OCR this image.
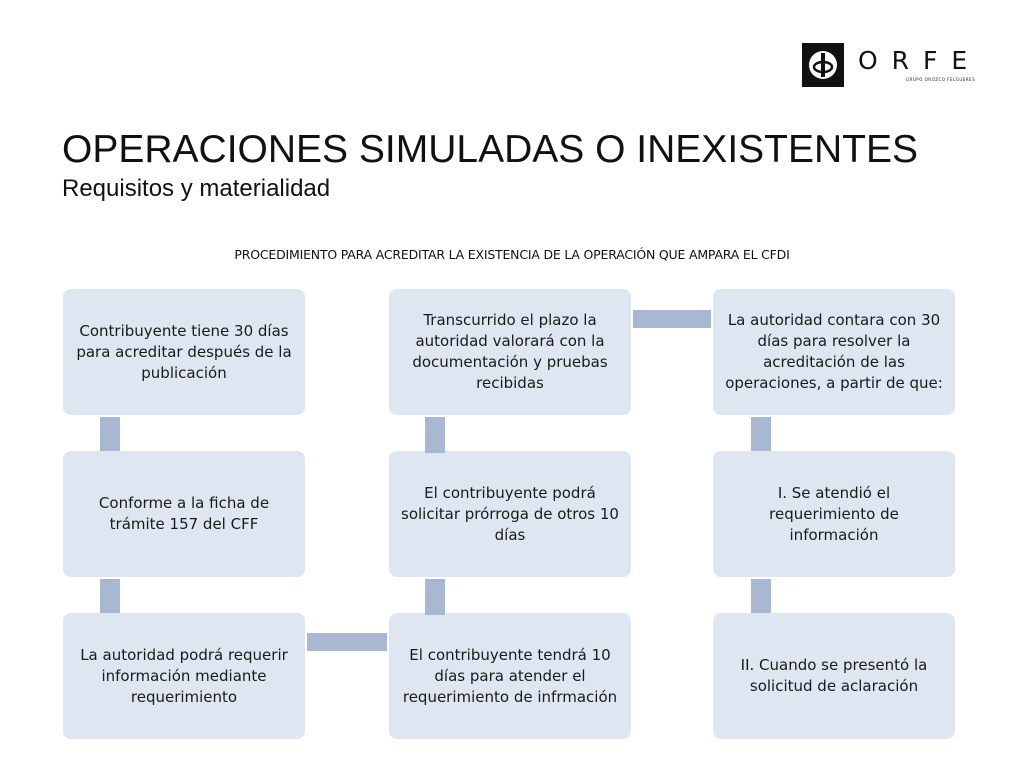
ORFE
GRUPO OROZCO FELGUERES
OPERACIONES SIMULADAS O INEXISTENTES
Requisitos y materialidad
PROCEDIMIENTO PARA ACREDITAR LA EXISTENCIA DE LA OPERACIÓN QUE AMPARA EL CFDI
Contribuyente tiene 30 días para acreditar después de la publicación
Conforme a la ficha de trámite 157 del CFF
La autoridad podrá requerir información mediante requerimiento
El contribuyente tendrá 10 días para atender el requerimiento de infrmación
El contribuyente podrá solicitar prórroga de otros 10 días
Transcurrido el plazo la autoridad valorará con la documentación y pruebas recibidas
La autoridad contara con 30 días para resolver la acreditación de las operaciones, a partir de que:
I. Se atendió el requerimiento de información
II. Cuando se presentó la solicitud de aclaración
